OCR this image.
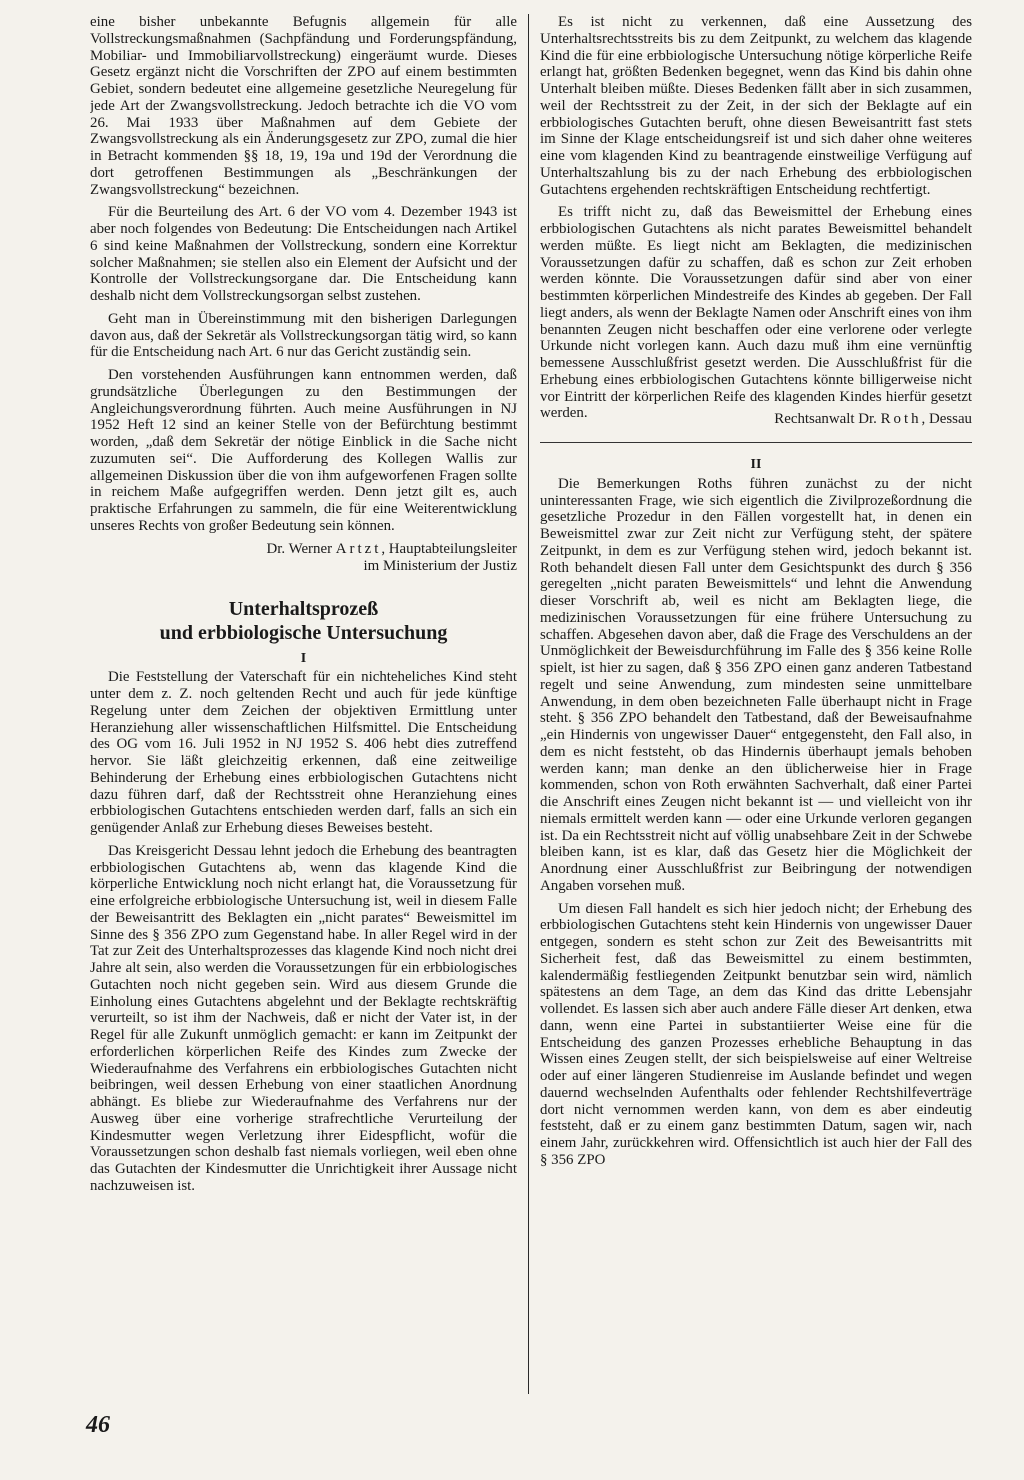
eine bisher unbekannte Befugnis allgemein für alle Vollstreckungsmaßnahmen (Sachpfändung und Forderungspfändung, Mobiliar- und Immobiliarvollstreckung) eingeräumt wurde. Dieses Gesetz ergänzt nicht die Vorschriften der ZPO auf einem bestimmten Gebiet, sondern bedeutet eine allgemeine gesetzliche Neuregelung für jede Art der Zwangsvollstreckung. Jedoch betrachte ich die VO vom 26. Mai 1933 über Maßnahmen auf dem Gebiete der Zwangsvollstreckung als ein Änderungsgesetz zur ZPO, zumal die hier in Betracht kommenden §§ 18, 19, 19a und 19d der Verordnung die dort getroffenen Bestimmungen als „Beschränkungen der Zwangsvollstreckung“ bezeichnen.

Für die Beurteilung des Art. 6 der VO vom 4. Dezember 1943 ist aber noch folgendes von Bedeutung: Die Entscheidungen nach Artikel 6 sind keine Maßnahmen der Vollstreckung, sondern eine Korrektur solcher Maßnahmen; sie stellen also ein Element der Aufsicht und der Kontrolle der Vollstreckungsorgane dar. Die Entscheidung kann deshalb nicht dem Vollstreckungsorgan selbst zustehen.

Geht man in Übereinstimmung mit den bisherigen Darlegungen davon aus, daß der Sekretär als Vollstreckungsorgan tätig wird, so kann für die Entscheidung nach Art. 6 nur das Gericht zuständig sein.

Den vorstehenden Ausführungen kann entnommen werden, daß grundsätzliche Überlegungen zu den Bestimmungen der Angleichungsverordnung führten. Auch meine Ausführungen in NJ 1952 Heft 12 sind an keiner Stelle von der Befürchtung bestimmt worden, „daß dem Sekretär der nötige Einblick in die Sache nicht zuzumuten sei“. Die Aufforderung des Kollegen Wallis zur allgemeinen Diskussion über die von ihm aufgeworfenen Fragen sollte in reichem Maße aufgegriffen werden. Denn jetzt gilt es, auch praktische Erfahrungen zu sammeln, die für eine Weiterentwicklung unseres Rechts von großer Bedeutung sein können.

Dr. Werner Artzt, Hauptabteilungsleiter
im Ministerium der Justiz
Unterhaltsprozeß
und erbbiologische Untersuchung
I

Die Feststellung der Vaterschaft für ein nichteheliches Kind steht unter dem z. Z. noch geltenden Recht und auch für jede künftige Regelung unter dem Zeichen der objektiven Ermittlung unter Heranziehung aller wissenschaftlichen Hilfsmittel. Die Entscheidung des OG vom 16. Juli 1952 in NJ 1952 S. 406 hebt dies zutreffend hervor. Sie läßt gleichzeitig erkennen, daß eine zeitweilige Behinderung der Erhebung eines erbbiologischen Gutachtens nicht dazu führen darf, daß der Rechtsstreit ohne Heranziehung eines erbbiologischen Gutachtens entschieden werden darf, falls an sich ein genügender Anlaß zur Erhebung dieses Beweises besteht.

Das Kreisgericht Dessau lehnt jedoch die Erhebung des beantragten erbbiologischen Gutachtens ab, wenn das klagende Kind die körperliche Entwicklung noch nicht erlangt hat, die Voraussetzung für eine erfolgreiche erbbiologische Untersuchung ist, weil in diesem Falle der Beweisantritt des Beklagten ein „nicht parates“ Beweismittel im Sinne des § 356 ZPO zum Gegenstand habe. In aller Regel wird in der Tat zur Zeit des Unterhaltsprozesses das klagende Kind noch nicht drei Jahre alt sein, also werden die Voraussetzungen für ein erbbiologisches Gutachten noch nicht gegeben sein. Wird aus diesem Grunde die Einholung eines Gutachtens abgelehnt und der Beklagte rechtskräftig verurteilt, so ist ihm der Nachweis, daß er nicht der Vater ist, in der Regel für alle Zukunft unmöglich gemacht: er kann im Zeitpunkt der erforderlichen körperlichen Reife des Kindes zum Zwecke der Wiederaufnahme des Verfahrens ein erbbiologisches Gutachten nicht beibringen, weil dessen Erhebung von einer staatlichen Anordnung abhängt. Es bliebe zur Wiederaufnahme des Verfahrens nur der Ausweg über eine vorherige strafrechtliche Verurteilung der Kindesmutter wegen Verletzung ihrer Eidespflicht, wofür die Voraussetzungen schon deshalb fast niemals vorliegen, weil eben ohne das Gutachten der Kindesmutter die Unrichtigkeit ihrer Aussage nicht nachzuweisen ist.

Es ist nicht zu verkennen, daß eine Aussetzung des Unterhaltsrechtsstreits bis zu dem Zeitpunkt, zu welchem das klagende Kind die für eine erbbiologische Untersuchung nötige körperliche Reife erlangt hat, größten Bedenken begegnet, wenn das Kind bis dahin ohne Unterhalt bleiben müßte. Dieses Bedenken fällt aber in sich zusammen, weil der Rechtsstreit zu der Zeit, in der sich der Beklagte auf ein erbbiologisches Gutachten beruft, ohne diesen Beweisantritt fast stets im Sinne der Klage entscheidungsreif ist und sich daher ohne weiteres eine vom klagenden Kind zu beantragende einstweilige Verfügung auf Unterhaltszahlung bis zu der nach Erhebung des erbbiologischen Gutachtens ergehenden rechtskräftigen Entscheidung rechtfertigt.

Es trifft nicht zu, daß das Beweismittel der Erhebung eines erbbiologischen Gutachtens als nicht parates Beweismittel behandelt werden müßte. Es liegt nicht am Beklagten, die medizinischen Voraussetzungen dafür zu schaffen, daß es schon zur Zeit erhoben werden könnte. Die Voraussetzungen dafür sind aber von einer bestimmten körperlichen Mindestreife des Kindes ab gegeben. Der Fall liegt anders, als wenn der Beklagte Namen oder Anschrift eines von ihm benannten Zeugen nicht beschaffen oder eine verlorene oder verlegte Urkunde nicht vorlegen kann. Auch dazu muß ihm eine vernünftig bemessene Ausschlußfrist gesetzt werden. Die Ausschlußfrist für die Erhebung eines erbbiologischen Gutachtens könnte billigerweise nicht vor Eintritt der körperlichen Reife des klagenden Kindes hierfür gesetzt werden.	Rechtsanwalt Dr. Roth, Dessau
II

Die Bemerkungen Roths führen zunächst zu der nicht uninteressanten Frage, wie sich eigentlich die Zivilprozeßordnung die gesetzliche Prozedur in den Fällen vorgestellt hat, in denen ein Beweismittel zwar zur Zeit nicht zur Verfügung steht, der spätere Zeitpunkt, in dem es zur Verfügung stehen wird, jedoch bekannt ist. Roth behandelt diesen Fall unter dem Gesichtspunkt des durch § 356 geregelten „nicht paraten Beweismittels“ und lehnt die Anwendung dieser Vorschrift ab, weil es nicht am Beklagten liege, die medizinischen Voraussetzungen für eine frühere Untersuchung zu schaffen. Abgesehen davon aber, daß die Frage des Verschuldens an der Unmöglichkeit der Beweisdurchführung im Falle des § 356 keine Rolle spielt, ist hier zu sagen, daß § 356 ZPO einen ganz anderen Tatbestand regelt und seine Anwendung, zum mindesten seine unmittelbare Anwendung, in dem oben bezeichneten Falle überhaupt nicht in Frage steht. § 356 ZPO behandelt den Tatbestand, daß der Beweisaufnahme „ein Hindernis von ungewisser Dauer“ entgegensteht, den Fall also, in dem es nicht feststeht, ob das Hindernis überhaupt jemals behoben werden kann; man denke an den üblicherweise hier in Frage kommenden, schon von Roth erwähnten Sachverhalt, daß einer Partei die Anschrift eines Zeugen nicht bekannt ist — und vielleicht von ihr niemals ermittelt werden kann — oder eine Urkunde verloren gegangen ist. Da ein Rechtsstreit nicht auf völlig unabsehbare Zeit in der Schwebe bleiben kann, ist es klar, daß das Gesetz hier die Möglichkeit der Anordnung einer Ausschlußfrist zur Beibringung der notwendigen Angaben vorsehen muß.

Um diesen Fall handelt es sich hier jedoch nicht; der Erhebung des erbbiologischen Gutachtens steht kein Hindernis von ungewisser Dauer entgegen, sondern es steht schon zur Zeit des Beweisantritts mit Sicherheit fest, daß das Beweismittel zu einem bestimmten, kalendermäßig festliegenden Zeitpunkt benutzbar sein wird, nämlich spätestens an dem Tage, an dem das Kind das dritte Lebensjahr vollendet. Es lassen sich aber auch andere Fälle dieser Art denken, etwa dann, wenn eine Partei in substantiierter Weise eine für die Entscheidung des ganzen Prozesses erhebliche Behauptung in das Wissen eines Zeugen stellt, der sich beispielsweise auf einer Weltreise oder auf einer längeren Studienreise im Auslande befindet und wegen dauernd wechselnden Aufenthalts oder fehlender Rechtshilfeverträge dort nicht vernommen werden kann, von dem es aber eindeutig feststeht, daß er zu einem ganz bestimmten Datum, sagen wir, nach einem Jahr, zurückkehren wird. Offensichtlich ist auch hier der Fall des § 356 ZPO

46
